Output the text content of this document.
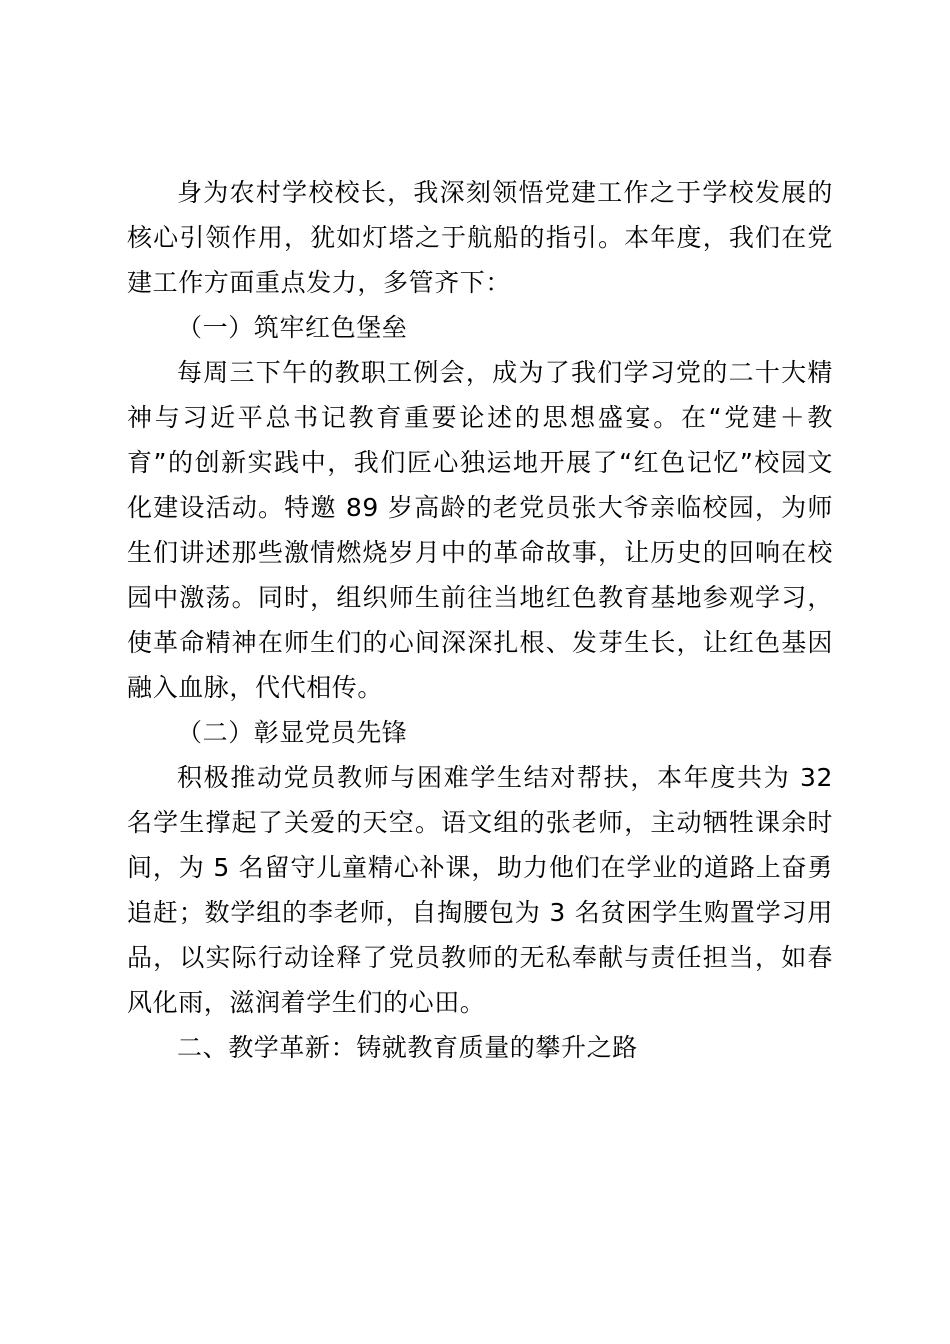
身为农村学校校长，我深刻领悟党建工作之于学校发展的核心引领作用，犹如灯塔之于航船的指引。本年度，我们在党建工作方面重点发力，多管齐下：

（一）筑牢红色堡垒

每周三下午的教职工例会，成为了我们学习党的二十大精神与习近平总书记教育重要论述的思想盛宴。在“党建＋教育”的创新实践中，我们匠心独运地开展了“红色记忆”校园文化建设活动。特邀 89 岁高龄的老党员张大爷亲临校园，为师生们讲述那些激情燃烧岁月中的革命故事，让历史的回响在校园中激荡。同时，组织师生前往当地红色教育基地参观学习，使革命精神在师生们的心间深深扎根、发芽生长，让红色基因融入血脉，代代相传。

（二）彰显党员先锋

积极推动党员教师与困难学生结对帮扶，本年度共为 32 名学生撑起了关爱的天空。语文组的张老师，主动牺牲课余时间，为 5 名留守儿童精心补课，助力他们在学业的道路上奋勇追赶；数学组的李老师，自掏腰包为 3 名贫困学生购置学习用品，以实际行动诠释了党员教师的无私奉献与责任担当，如春风化雨，滋润着学生们的心田。

二、教学革新：铸就教育质量的攀升之路
